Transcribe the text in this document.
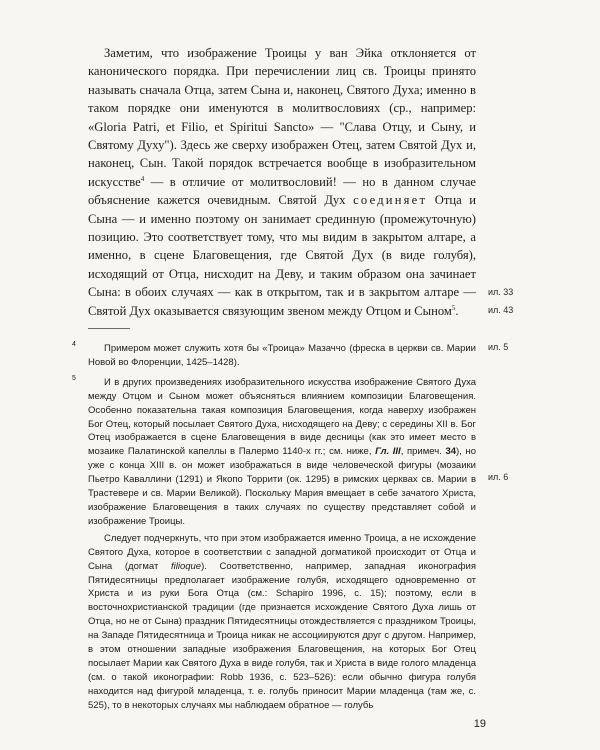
Заметим, что изображение Троицы у ван Эйка отклоняется от канонического порядка. При перечислении лиц св. Троицы принято называть сначала Отца, затем Сына и, наконец, Святого Духа; именно в таком порядке они именуются в молитвословиях (ср., например: «Gloria Patri, et Filio, et Spiritui Sancto» — "Слава Отцу, и Сыну, и Святому Духу"). Здесь же сверху изображен Отец, затем Святой Дух и, наконец, Сын. Такой порядок встречается вообще в изобразительном искусстве$^4$ — в отличие от молитвословий! — но в данном случае объяснение кажется очевидным. Святой Дух соединяет Отца и Сына — и именно поэтому он занимает срединную (промежуточную) позицию. Это соответствует тому, что мы видим в закрытом алтаре, а именно, в сцене Благовещения, где Святой Дух (в виде голубя), исходящий от Отца, нисходит на Деву, и таким образом она зачинает Сына: в обоих случаях — как в открытом, так и в закрытом алтаре — Святой Дух оказывается связующим звеном между Отцом и Сыном$^5$.

4	Примером может служить хотя бы «Троица» Мазаччо (фреска в церкви св. Марии Новой во Флоренции, 1425–1428).
5	И в других произведениях изобразительного искусства изображение Святого Духа между Отцом и Сыном может объясняться влиянием композиции Благовещения. Особенно показательна такая композиция Благовещения, когда наверху изображен Бог Отец, который посылает Святого Духа, нисходящего на Деву; с середины XII в. Бог Отец изображается в сцене Благовещения в виде десницы (как это имеет место в мозаике Палатинской капеллы в Палермо 1140-х гг.; см. ниже, Гл. III, примеч. 34), но уже с конца XIII в. он может изображаться в виде человеческой фигуры (мозаики Пьетро Каваллини (1291) и Якопо Торрити (ок. 1295) в римских церквах св. Марии в Трастевере и св. Марии Великой). Поскольку Мария вмещает в себе зачатого Христа, изображение Благовещения в таких случаях по существу представляет собой и изображение Троицы.

Следует подчеркнуть, что при этом изображается именно Троица, а не исхождение Святого Духа, которое в соответствии с западной догматикой происходит от Отца и Сына (догмат filioque). Соответственно, например, западная иконография Пятидесятницы предполагает изображение голубя, исходящего одновременно от Христа и из руки Бога Отца (см.: Schapiro 1996, с. 15); поэтому, если в восточнохристианской традиции (где признается исхождение Святого Духа лишь от Отца, но не от Сына) праздник Пятидесятницы отождествляется с праздником Троицы, на Западе Пятидесятница и Троица никак не ассоциируются друг с другом. Например, в этом отношении западные изображения Благовещения, на которых Бог Отец посылает Марии как Святого Духа в виде голубя, так и Христа в виде голого младенца (см. о такой иконографии: Robb 1936, с. 523–526): если обычно фигура голубя находится над фигурой младенца, т. е. голубь приносит Марии младенца (там же, с. 525), то в некоторых случаях мы наблюдаем обратное — голубь

ил. 33
ил. 43
ил. 5
ил. 6
19
